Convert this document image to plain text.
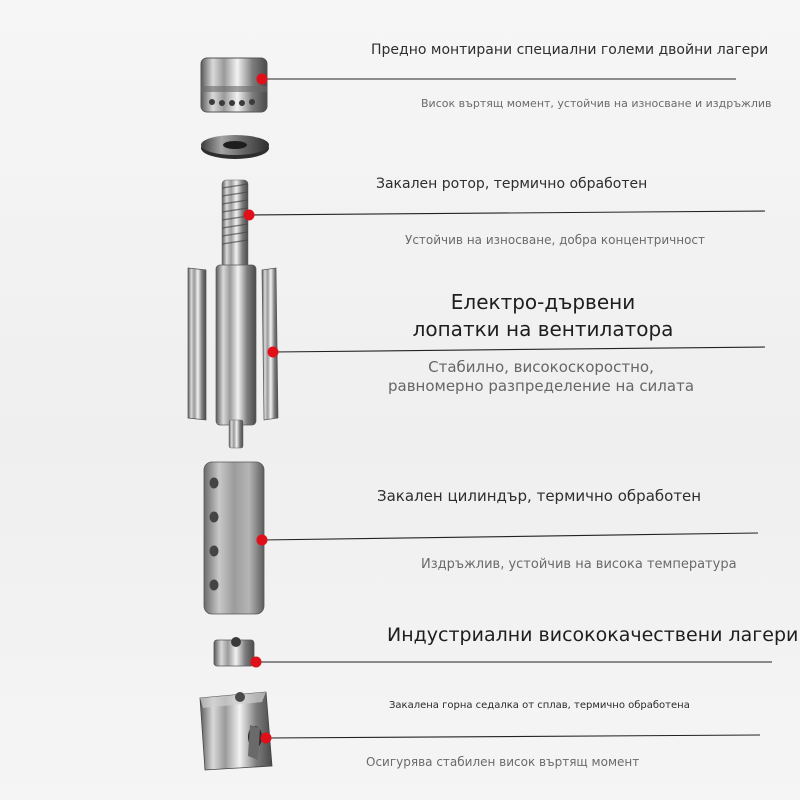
Предно монтирани специални големи двойни лагери
Висок въртящ момент, устойчив на износване и издръжлив
Закален ротор, термично обработен
Устойчив на износване, добра концентричност
Електро-дървени
лопатки на вентилатора
Стабилно, високоскоростно,
равномерно разпределение на силата
Закален цилиндър, термично обработен
Издръжлив, устойчив на висока температура
Индустриални висококачествени лагери
Закалена горна седалка от сплав, термично обработена
Осигурява стабилен висок въртящ момент
